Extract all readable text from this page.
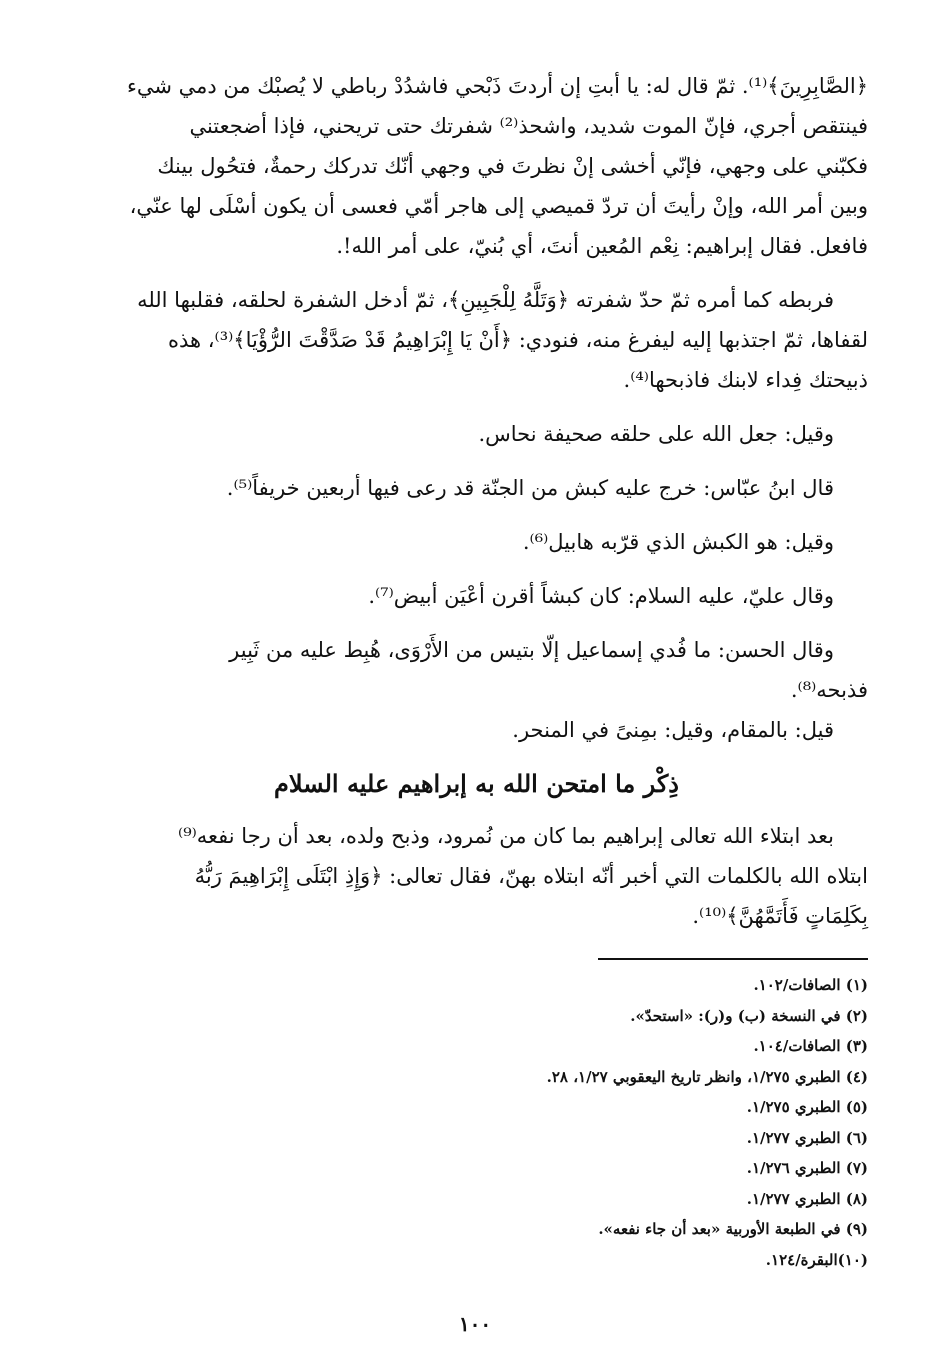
﴿الصَّابِرِينَ﴾⁽¹⁾. ثمّ قال له: يا أبتِ إن أردتَ ذَبْحي فاشدُدْ رباطي لا يُصبْك من دمي شيء
فينتقص أجري، فإنّ الموت شديد، واشحذ⁽²⁾ شفرتك حتى تريحني، فإذا أضجعتني
فكبّني على وجهي، فإنّي أخشى إنْ نظرتَ في وجهي أنّك تدركك رحمةٌ، فتحُول بينك
وبين أمر الله، وإنْ رأيتَ أن تردّ قميصي إلى هاجر أمّي فعسى أن يكون أسْلَى لها عنّي،
فافعل. فقال إبراهيم: نِعْم المُعين أنتَ، أي بُنيّ، على أمر الله!.
فربطه كما أمره ثمّ حدّ شفرته ﴿وَتَلَّهُ لِلْجَبِينِ﴾، ثمّ أدخل الشفرة لحلقه، فقلبها الله
لقفاها، ثمّ اجتذبها إليه ليفرغ منه، فنودي: ﴿أَنْ يَا إِبْرَاهِيمُ قَدْ صَدَّقْتَ الرُّؤْيَا﴾⁽³⁾، هذه
ذبيحتك فِداء لابنك فاذبحها⁽⁴⁾.

وقيل: جعل الله على حلقه صحيفة نحاس.

قال ابنُ عبّاس: خرج عليه كبش من الجنّة قد رعى فيها أربعين خريفاً⁽⁵⁾.

وقيل: هو الكبش الذي قرّبه هابيل⁽⁶⁾.

وقال عليّ، عليه السلام: كان كبشاً أقرن أعْيَن أبيض⁽⁷⁾.

وقال الحسن: ما فُدي إسماعيل إلّا بتيس من الأَرْوَى، هُبِط عليه من ثَبِير

فذبحه⁽⁸⁾.

قيل: بالمقام، وقيل: بمِنىً في المنحر.

ذِكْر ما امتحن الله به إبراهيم عليه السلام
بعد ابتلاء الله تعالى إبراهيم بما كان من نُمرود، وذبح ولده، بعد أن رجا نفعه⁽⁹⁾
ابتلاه الله بالكلمات التي أخبر أنّه ابتلاه بهنّ، فقال تعالى: ﴿وَإِذِ ابْتَلَى إِبْرَاهِيمَ رَبُّهُ
بِكَلِمَاتٍ فَأَتَمَّهُنَّ﴾⁽¹⁰⁾.
(١) الصافات/١٠٢.
(٢) في النسخة (ب) و(ر): «استحدّ».
(٣) الصافات/١٠٤.
(٤) الطبري ١/٢٧٥، وانظر تاريخ اليعقوبي ١/٢٧، ٢٨.
(٥) الطبري ١/٢٧٥.
(٦) الطبري ١/٢٧٧.
(٧) الطبري ١/٢٧٦.
(٨) الطبري ١/٢٧٧.
(٩) في الطبعة الأوربية «بعد أن جاء نفعه».
(١٠)البقرة/١٢٤.
١٠٠
